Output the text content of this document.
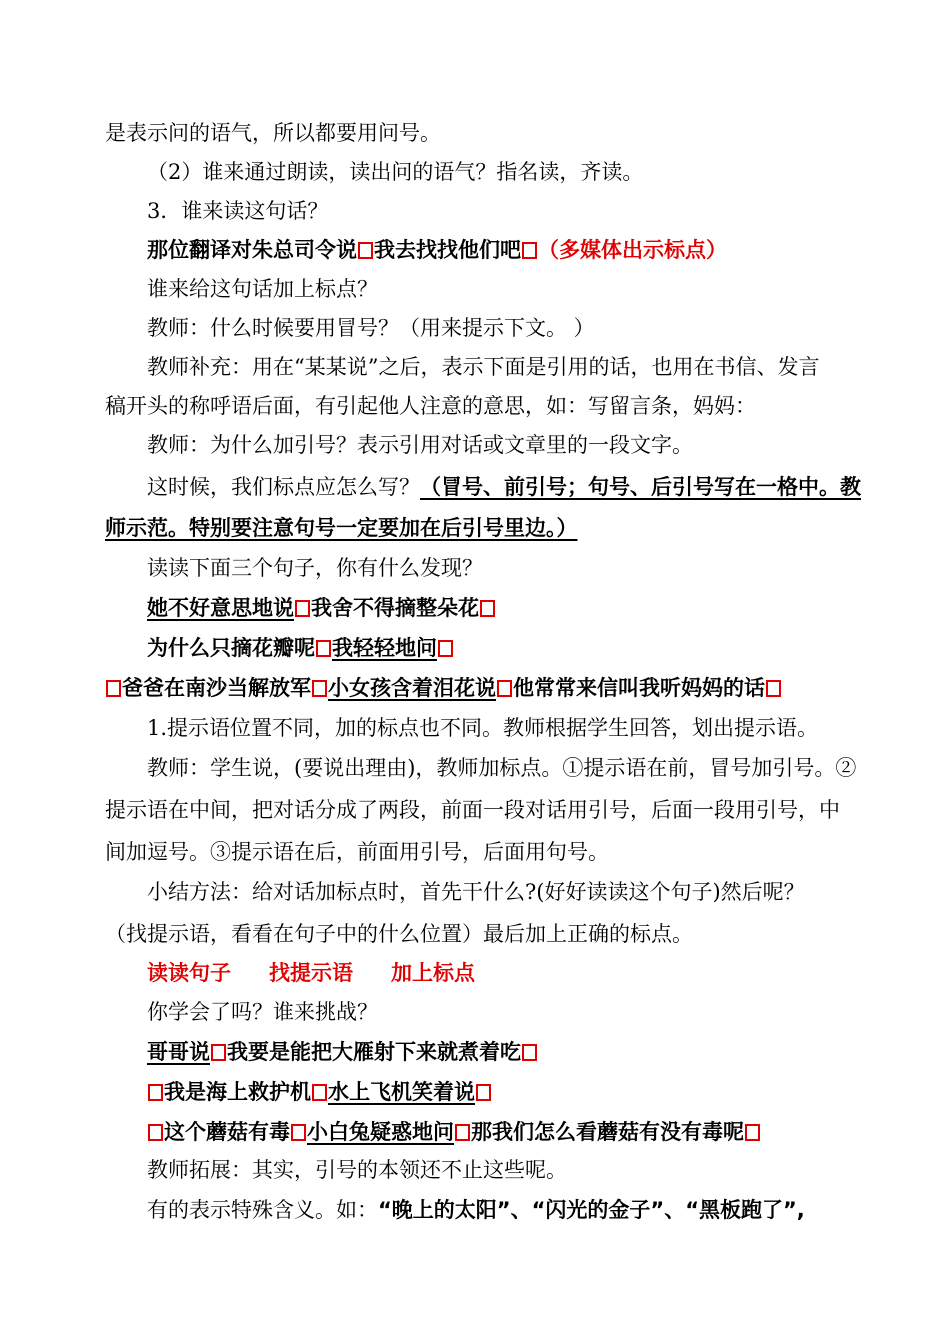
是表示问的语气，所以都要用问号。
（2）谁来通过朗读，读出问的语气？指名读，齐读。
3．谁来读这句话？
那位翻译对朱总司令说 我去找找他们吧 （多媒体出示标点）
谁来给这句话加上标点？
教师：什么时候要用冒号？（用来提示下文。 ）
教师补充：用在“某某说”之后，表示下面是引用的话，也用在书信、发言
稿开头的称呼语后面，有引起他人注意的意思，如：写留言条，妈妈：
教师：为什么加引号？表示引用对话或文章里的一段文字。
这时候，我们标点应怎么写？（冒号、前引号；句号、后引号写在一格中。教
师示范。特别要注意句号一定要加在后引号里边。）
读读下面三个句子，你有什么发现？
她不好意思地说 我舍不得摘整朵花
为什么只摘花瓣呢 我轻轻地问
爸爸在南沙当解放军 小女孩含着泪花说 他常常来信叫我听妈妈的话
1.提示语位置不同，加的标点也不同。教师根据学生回答，划出提示语。
教师：学生说，(要说出理由)，教师加标点。①提示语在前，冒号加引号。②
提示语在中间，把对话分成了两段，前面一段对话用引号，后面一段用引号，中
间加逗号。③提示语在后，前面用引号，后面用句号。
小结方法：给对话加标点时，首先干什么?(好好读读这个句子)然后呢？
（找提示语，看看在句子中的什么位置）最后加上正确的标点。
读读句子 找提示语 加上标点
你学会了吗？谁来挑战？
哥哥说 我要是能把大雁射下来就煮着吃
我是海上救护机 水上飞机笑着说
这个蘑菇有毒 小白兔疑惑地问 那我们怎么看蘑菇有没有毒呢
教师拓展：其实，引号的本领还不止这些呢。
有的表示特殊含义。如：“晚上的太阳”、“闪光的金子”、“黑板跑了”,
